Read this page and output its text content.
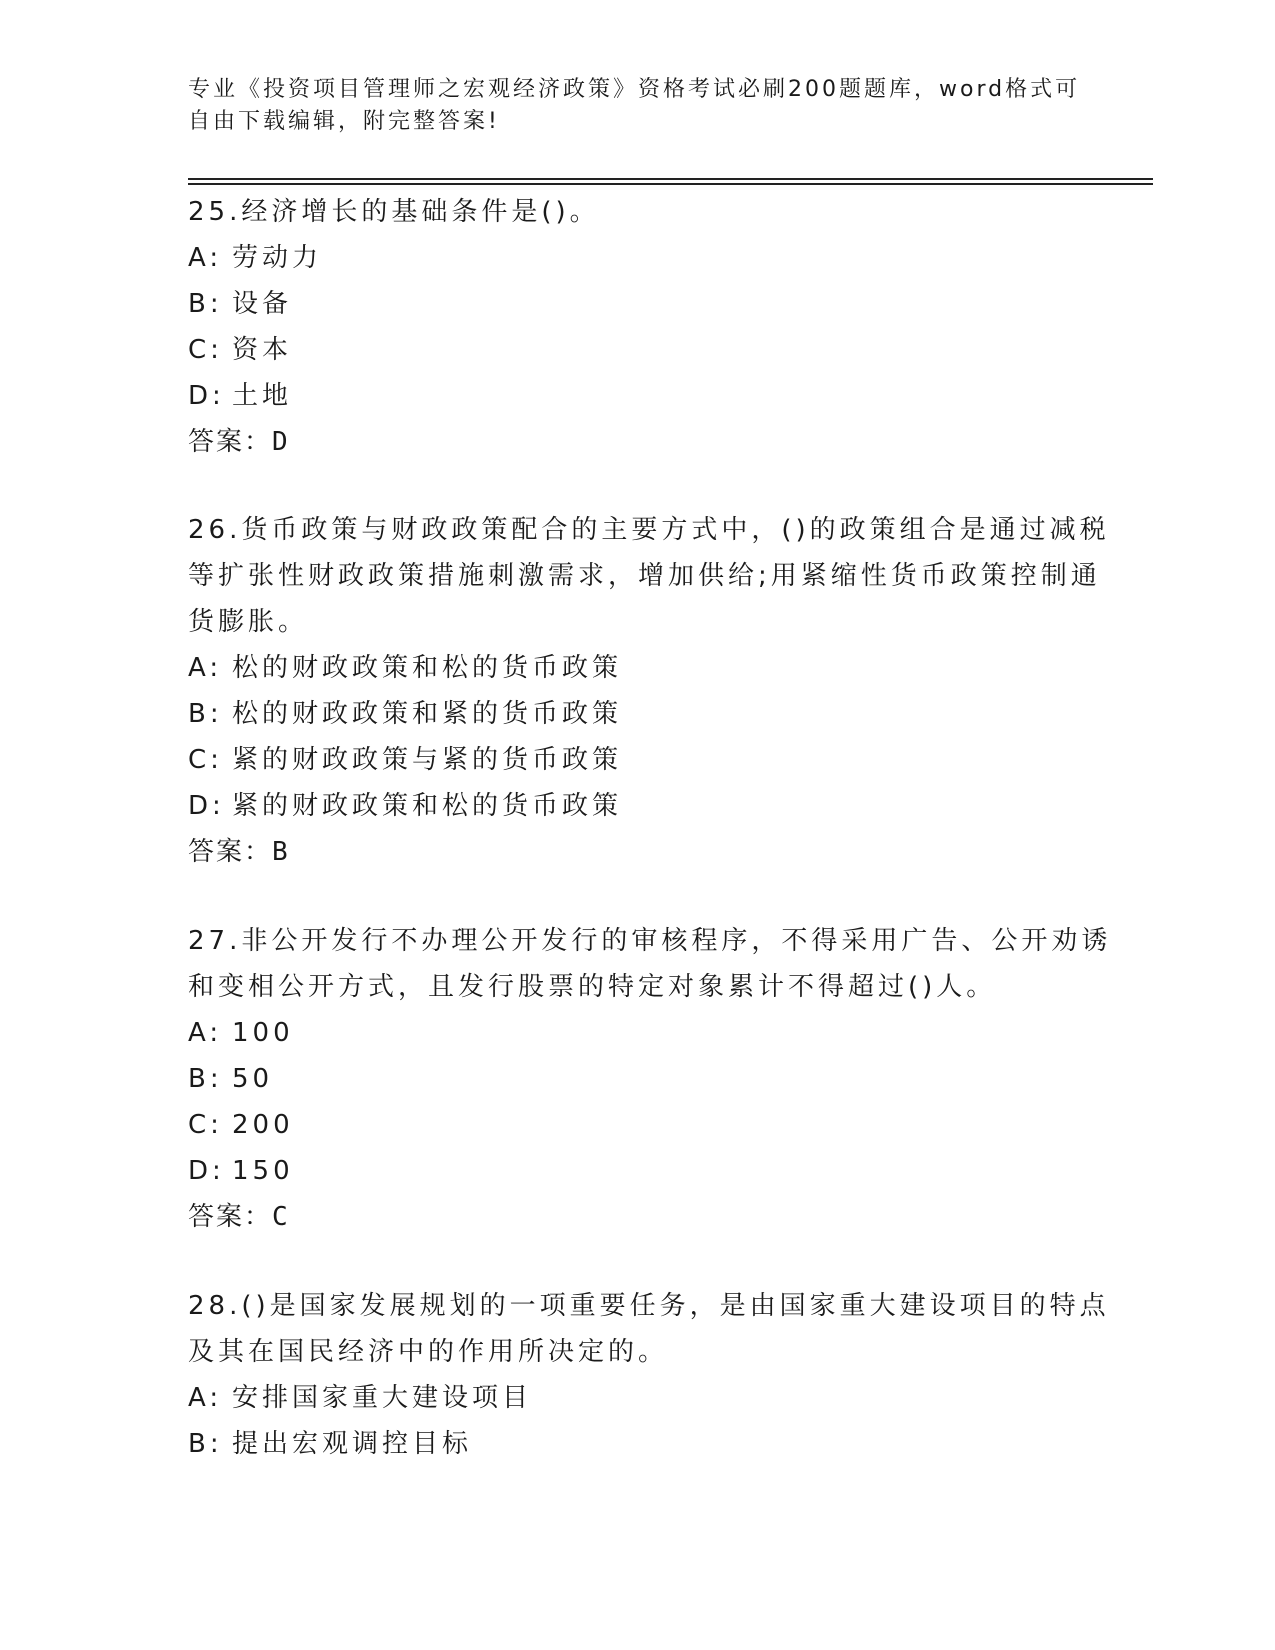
专业《投资项目管理师之宏观经济政策》资格考试必刷200题题库，word格式可
自由下载编辑，附完整答案!
25.经济增长的基础条件是()。
A: 劳动力
B: 设备
C: 资本
D: 土地
答案：D
26.货币政策与财政政策配合的主要方式中，()的政策组合是通过减税
等扩张性财政政策措施刺激需求，增加供给;用紧缩性货币政策控制通
货膨胀。
A: 松的财政政策和松的货币政策
B: 松的财政政策和紧的货币政策
C: 紧的财政政策与紧的货币政策
D: 紧的财政政策和松的货币政策
答案：B
27.非公开发行不办理公开发行的审核程序，不得采用广告、公开劝诱
和变相公开方式，且发行股票的特定对象累计不得超过()人。
A: 100
B: 50
C: 200
D: 150
答案：C
28.()是国家发展规划的一项重要任务，是由国家重大建设项目的特点
及其在国民经济中的作用所决定的。
A: 安排国家重大建设项目
B: 提出宏观调控目标
